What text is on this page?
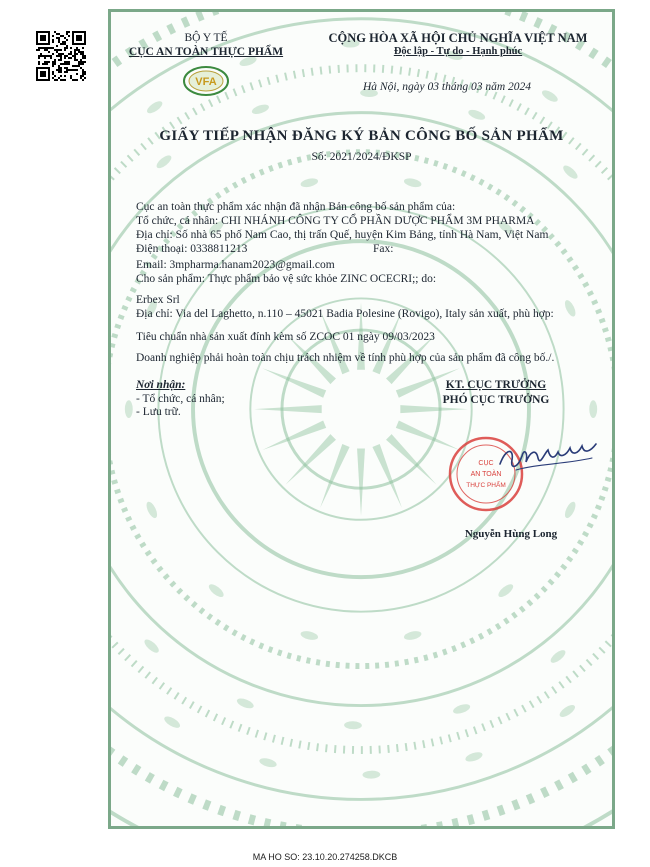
BỘ Y TẾ
CỤC AN TOÀN THỰC PHẨM
VFA
CỘNG HÒA XÃ HỘI CHỦ NGHĨA VIỆT NAM
Độc lập - Tự do - Hạnh phúc
Hà Nội, ngày 03 tháng 03 năm 2024
GIẤY TIẾP NHẬN ĐĂNG KÝ BẢN CÔNG BỐ SẢN PHẨM
Số: 2021/2024/ĐKSP
Cục an toàn thực phẩm xác nhận đã nhận Bản công bố sản phẩm của:
Tổ chức, cá nhân: CHI NHÁNH CÔNG TY CỔ PHẦN DƯỢC PHẨM 3M PHARMA
Địa chỉ: Số nhà 65 phố Nam Cao, thị trấn Quế, huyện Kim Bảng, tỉnh Hà Nam, Việt Nam
Điện thoại: 0338811213	Fax:
Email: 3mpharma.hanam2023@gmail.com
Cho sản phẩm: Thực phẩm bảo vệ sức khỏe ZINC OCECRI;; do:
Erbex Srl
Địa chỉ: Via del Laghetto, n.110 – 45021 Badia Polesine (Rovigo), Italy sản xuất, phù hợp:
Tiêu chuẩn nhà sản xuất đính kèm số ZCOC 01 ngày 09/03/2023
Doanh nghiệp phải hoàn toàn chịu trách nhiệm về tính phù hợp của sản phẩm đã công bố./.
Nơi nhận:
- Tổ chức, cá nhân;
- Lưu trữ.
KT. CỤC TRƯỞNG
PHÓ CỤC TRƯỞNG
CỤC
AN TOÀN
THỰC PHẨM
Nguyễn Hùng Long
MA HO SO: 23.10.20.274258.DKCB
